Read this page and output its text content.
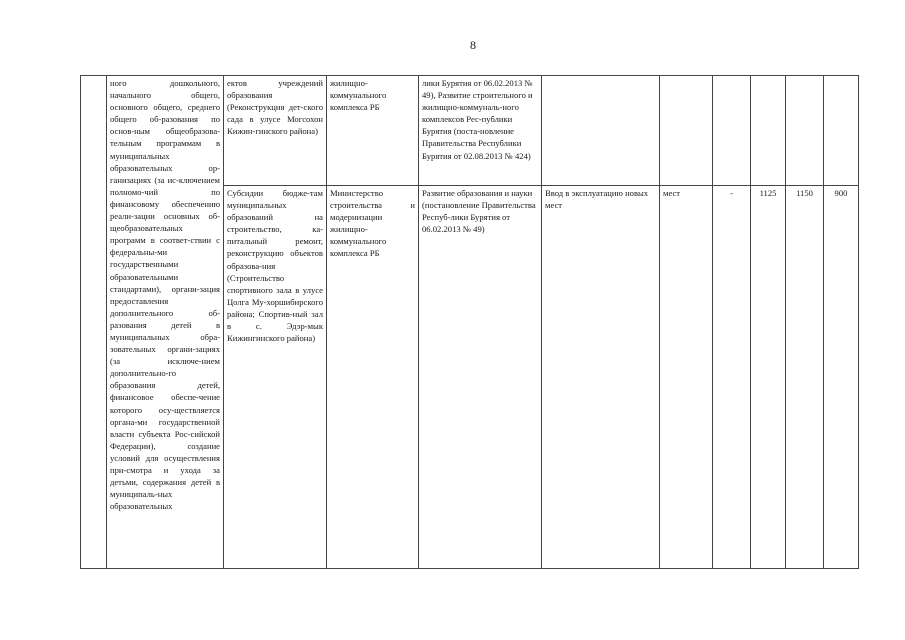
8
	ного дошкольного, начального общего, основного общего, среднего общего об-разования по основ-ным общеобразова-тельным программам в муниципальных образовательных ор-ганизациях (за ис-ключением полномо-чий по финансовому обеспечению реали-зации основных об-щеобразовательных программ в соответ-ствии с федеральны-ми государственными образовательными стандартами), органи-зация предоставления дополнительного об-разования детей в муниципальных обра-зовательных органи-зациях (за исключе-нием дополнительно-го образования детей, финансовое обеспе-чение которого осу-ществляется органа-ми государственной власти субъекта Рос-сийской Федерации), создание условий для осуществления при-смотра и ухода за детьми, содержания детей в муниципаль-ных образовательных	ектов учреждений образования (Реконструкция дет-ского сада в улусе Могсохон Кижин-гинского района)	жилищно-коммунального комплекса РБ	лики Бурятия от 06.02.2013 № 49), Развитие строительного и жилищно-коммуналь-ного комплексов Рес-публики Бурятия (поста-новление Правительства Республики Бурятия от 02.08.2013 № 424)						
		Субсидии бюдже-там муниципальных образований на строительство, ка-питальный ремонт, реконструкцию объектов образова-ния (Строительство спортивного зала в улусе Цолга Му-хоршибирского района; Спортив-ный зал в с. Эдэр-мык Кижингинского района)	Министерство строительства и модернизации жилищно-коммунального комплекса РБ	Развитие образования и науки (постановление Правительства Респуб-лики Бурятия от 06.02.2013 № 49)	Ввод в эксплуатацию новых мест	мест	-	1125	1150	900
